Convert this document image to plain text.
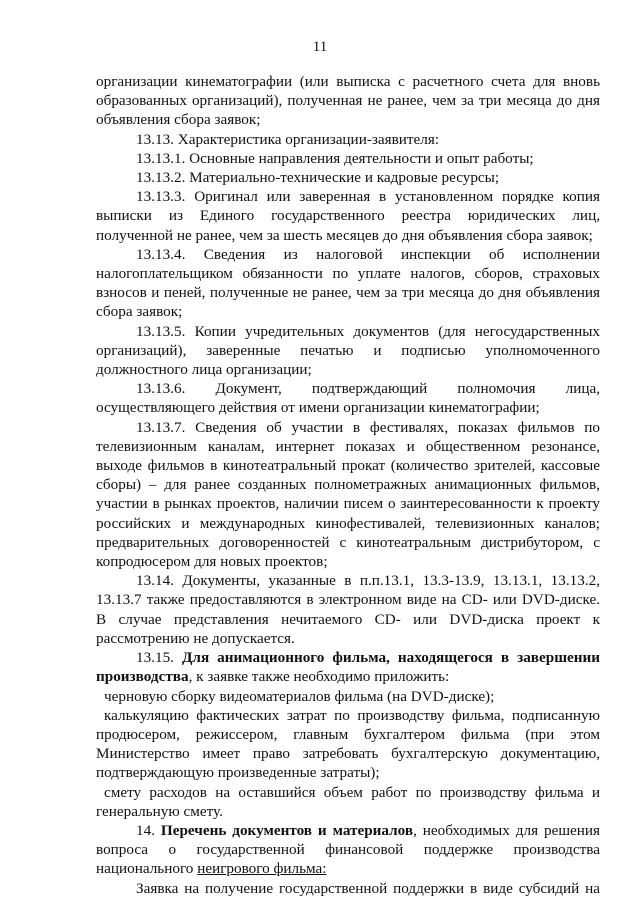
11

организации кинематографии (или выписка с расчетного счета для вновь образованных организаций), полученная не ранее, чем за три месяца до дня объявления сбора заявок;

13.13. Характеристика организации-заявителя:

13.13.1. Основные направления деятельности и опыт работы;

13.13.2. Материально-технические и кадровые ресурсы;

13.13.3. Оригинал или заверенная в установленном порядке копия выписки из Единого государственного реестра юридических лиц, полученной не ранее, чем за шесть месяцев до дня объявления сбора заявок;

13.13.4. Сведения из налоговой инспекции об исполнении налогоплательщиком обязанности по уплате налогов, сборов, страховых взносов и пеней, полученные не ранее, чем за три месяца до дня объявления сбора заявок;

13.13.5. Копии учредительных документов (для негосударственных организаций), заверенные печатью и подписью уполномоченного должностного лица организации;

13.13.6. Документ, подтверждающий полномочия лица, осуществляющего действия от имени организации кинематографии;

13.13.7. Сведения об участии в фестивалях, показах фильмов по телевизионным каналам, интернет показах и общественном резонансе, выходе фильмов в кинотеатральный прокат (количество зрителей, кассовые сборы) – для ранее созданных полнометражных анимационных фильмов, участии в рынках проектов, наличии писем о заинтересованности к проекту российских и международных кинофестивалей, телевизионных каналов; предварительных договоренностей с кинотеатральным дистрибутором, с копродюсером для новых проектов;

13.14. Документы, указанные в п.п.13.1, 13.3-13.9, 13.13.1, 13.13.2, 13.13.7 также предоставляются в электронном виде на CD- или DVD-диске. В случае представления нечитаемого CD- или DVD-диска проект к рассмотрению не допускается.

13.15. Для анимационного фильма, находящегося в завершении производства, к заявке также необходимо приложить:

черновую сборку видеоматериалов фильма (на DVD-диске);

калькуляцию фактических затрат по производству фильма, подписанную продюсером, режиссером, главным бухгалтером фильма (при этом Министерство имеет право затребовать бухгалтерскую документацию, подтверждающую произведенные затраты);

смету расходов на оставшийся объем работ по производству фильма и генеральную смету.

14. Перечень документов и материалов, необходимых для решения вопроса о государственной финансовой поддержке производства национального неигрового фильма:

Заявка на получение государственной поддержки в виде субсидий на
